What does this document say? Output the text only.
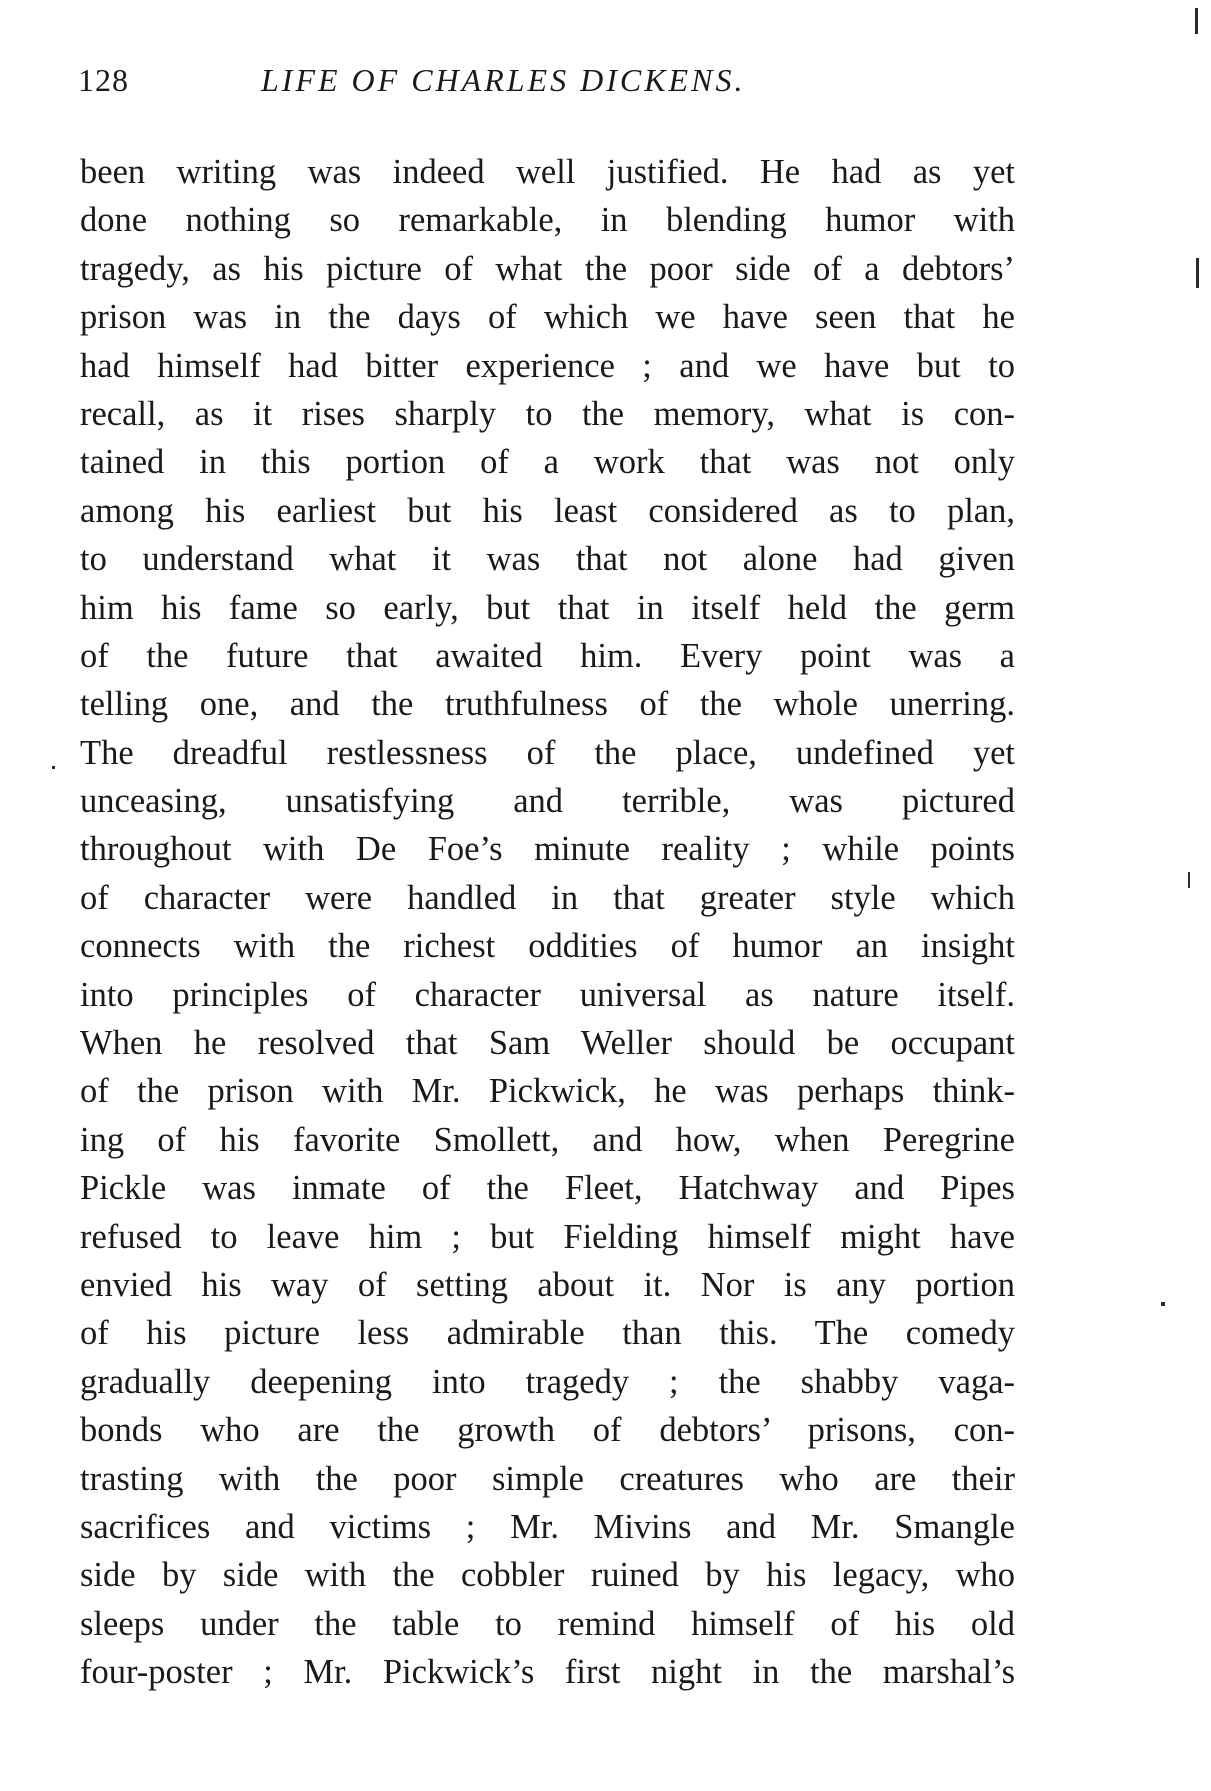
128	LIFE OF CHARLES DICKENS.
been writing was indeed well justified. He had as yet
done nothing so remarkable, in blending humor with
tragedy, as his picture of what the poor side of a debtors’
prison was in the days of which we have seen that he
had himself had bitter experience ; and we have but to
recall, as it rises sharply to the memory, what is con-
tained in this portion of a work that was not only
among his earliest but his least considered as to plan,
to understand what it was that not alone had given
him his fame so early, but that in itself held the germ
of the future that awaited him. Every point was a
telling one, and the truthfulness of the whole unerring.
The dreadful restlessness of the place, undefined yet
unceasing, unsatisfying and terrible, was pictured
throughout with De Foe’s minute reality ; while points
of character were handled in that greater style which
connects with the richest oddities of humor an insight
into principles of character universal as nature itself.
When he resolved that Sam Weller should be occupant
of the prison with Mr. Pickwick, he was perhaps think-
ing of his favorite Smollett, and how, when Peregrine
Pickle was inmate of the Fleet, Hatchway and Pipes
refused to leave him ; but Fielding himself might have
envied his way of setting about it. Nor is any portion
of his picture less admirable than this. The comedy
gradually deepening into tragedy ; the shabby vaga-
bonds who are the growth of debtors’ prisons, con-
trasting with the poor simple creatures who are their
sacrifices and victims ; Mr. Mivins and Mr. Smangle
side by side with the cobbler ruined by his legacy, who
sleeps under the table to remind himself of his old
four-poster ; Mr. Pickwick’s first night in the marshal’s
